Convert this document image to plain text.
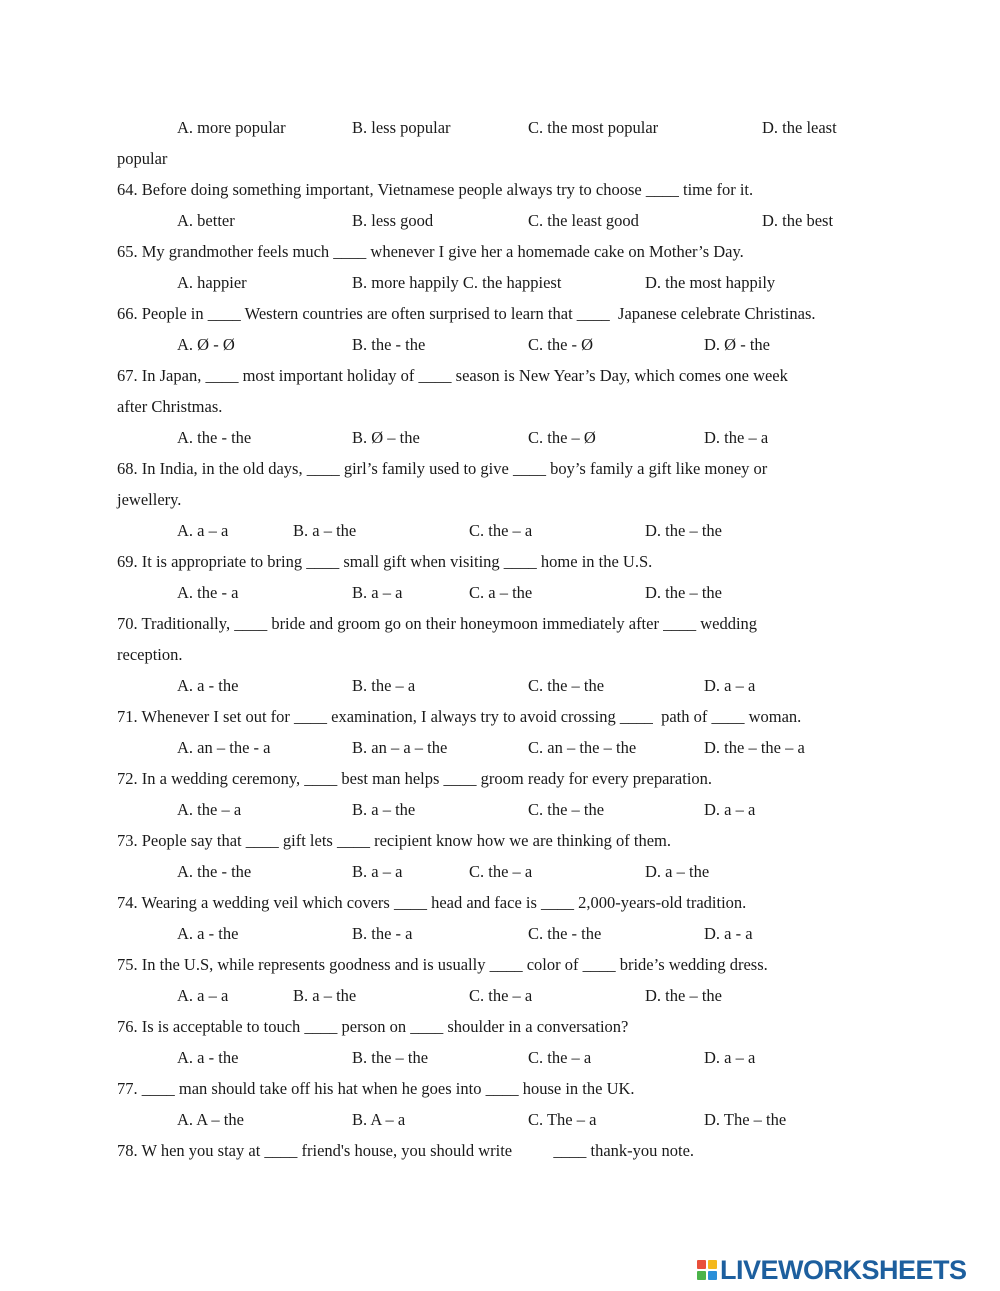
A. more popular	B. less popular	C. the most popular	D. the least

popular

64. Before doing something important, Vietnamese people always try to choose ____ time for it.

A. better	B. less good	C. the least good	D. the best

65. My grandmother feels much ____ whenever I give her a homemade cake on Mother’s Day.

A. happier	B. more happily C. the happiest	D. the most happily

66. People in ____ Western countries are often surprised to learn that ____  Japanese celebrate Christinas.

A. Ø - Ø	B. the - the	C. the - Ø	D. Ø - the

67. In Japan, ____ most important holiday of ____ season is New Year’s Day, which comes one week

after Christmas.

A. the - the	B. Ø – the	C. the – Ø	D. the – a

68. In India, in the old days, ____ girl’s family used to give ____ boy’s family a gift like money or

jewellery.

A. a – a	B. a – the	C. the – a	D. the – the

69. It is appropriate to bring ____ small gift when visiting ____ home in the U.S.

A. the - a	B. a – a	C. a – the	D. the – the

70. Traditionally, ____ bride and groom go on their honeymoon immediately after ____ wedding

reception.

A. a - the	B. the – a	C. the – the	D. a – a

71. Whenever I set out for ____ examination, I always try to avoid crossing ____  path of ____ woman.

A. an – the - a	B. an – a – the	C. an – the – the	D. the – the – a

72. In a wedding ceremony, ____ best man helps ____ groom ready for every preparation.

A. the – a	B. a – the	C. the – the	D. a – a

73. People say that ____ gift lets ____ recipient know how we are thinking of them.

A. the - the	B. a – a	C. the – a	D. a – the

74. Wearing a wedding veil which covers ____ head and face is ____ 2,000-years-old tradition.

A. a - the	B. the - a	C. the - the	D. a - a

75. In the U.S, while represents goodness and is usually ____ color of ____ bride’s wedding dress.

A. a – a	B. a – the	C. the – a	D. the – the

76. Is is acceptable to touch ____ person on ____ shoulder in a conversation?

A. a - the	B. the – the	C. the – a	D. a – a

77. ____ man should take off his hat when he goes into ____ house in the UK.

A. A – the	B. A – a	C. The – a	D. The – the

78. W hen you stay at ____ friend's house, you should write          ____ thank-you note.

LIVEWORKSHEETS
